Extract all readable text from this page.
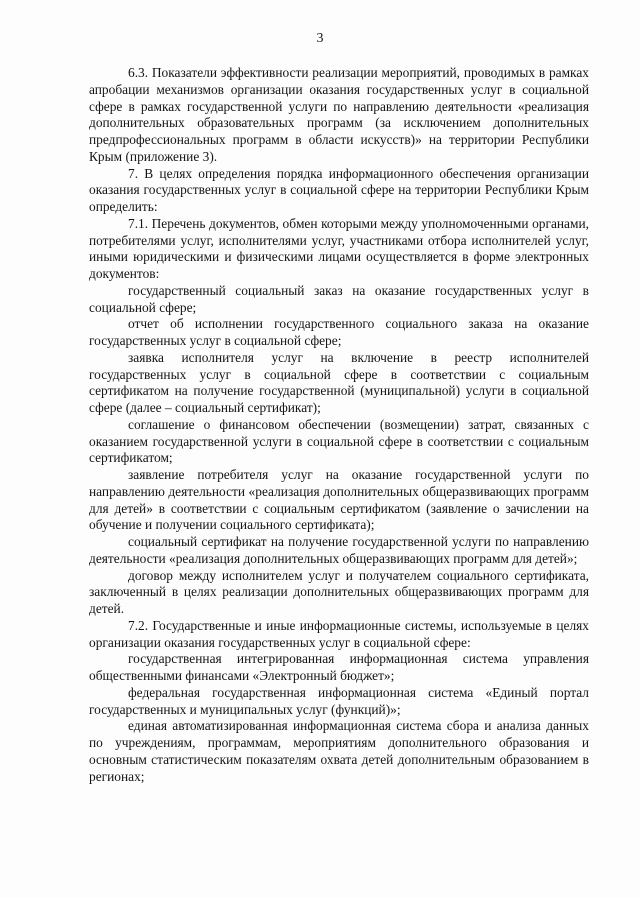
3

6.3. Показатели эффективности реализации мероприятий, проводимых в рамках апробации механизмов организации оказания государственных услуг в социальной сфере в рамках государственной услуги по направлению деятельности «реализация дополнительных образовательных программ (за исключением дополнительных предпрофессиональных программ в области искусств)» на территории Республики Крым (приложение 3).

7. В целях определения порядка информационного обеспечения организации оказания государственных услуг в социальной сфере на территории Республики Крым определить:

7.1. Перечень документов, обмен которыми между уполномоченными органами, потребителями услуг, исполнителями услуг, участниками отбора исполнителей услуг, иными юридическими и физическими лицами осуществляется в форме электронных документов:

государственный социальный заказ на оказание государственных услуг в социальной сфере;

отчет об исполнении государственного социального заказа на оказание государственных услуг в социальной сфере;

заявка исполнителя услуг на включение в реестр исполнителей государственных услуг в социальной сфере в соответствии с социальным сертификатом на получение государственной (муниципальной) услуги в социальной сфере (далее – социальный сертификат);

соглашение о финансовом обеспечении (возмещении) затрат, связанных с оказанием государственной услуги в социальной сфере в соответствии с социальным сертификатом;

заявление потребителя услуг на оказание государственной услуги по направлению деятельности «реализация дополнительных общеразвивающих программ для детей» в соответствии с социальным сертификатом (заявление о зачислении на обучение и получении социального сертификата);

социальный сертификат на получение государственной услуги по направлению деятельности «реализация дополнительных общеразвивающих программ для детей»;

договор между исполнителем услуг и получателем социального сертификата, заключенный в целях реализации дополнительных общеразвивающих программ для детей.

7.2. Государственные и иные информационные системы, используемые в целях организации оказания государственных услуг в социальной сфере:

государственная интегрированная информационная система управления общественными финансами «Электронный бюджет»;

федеральная государственная информационная система «Единый портал государственных и муниципальных услуг (функций)»;

единая автоматизированная информационная система сбора и анализа данных по учреждениям, программам, мероприятиям дополнительного образования и основным статистическим показателям охвата детей дополнительным образованием в регионах;
